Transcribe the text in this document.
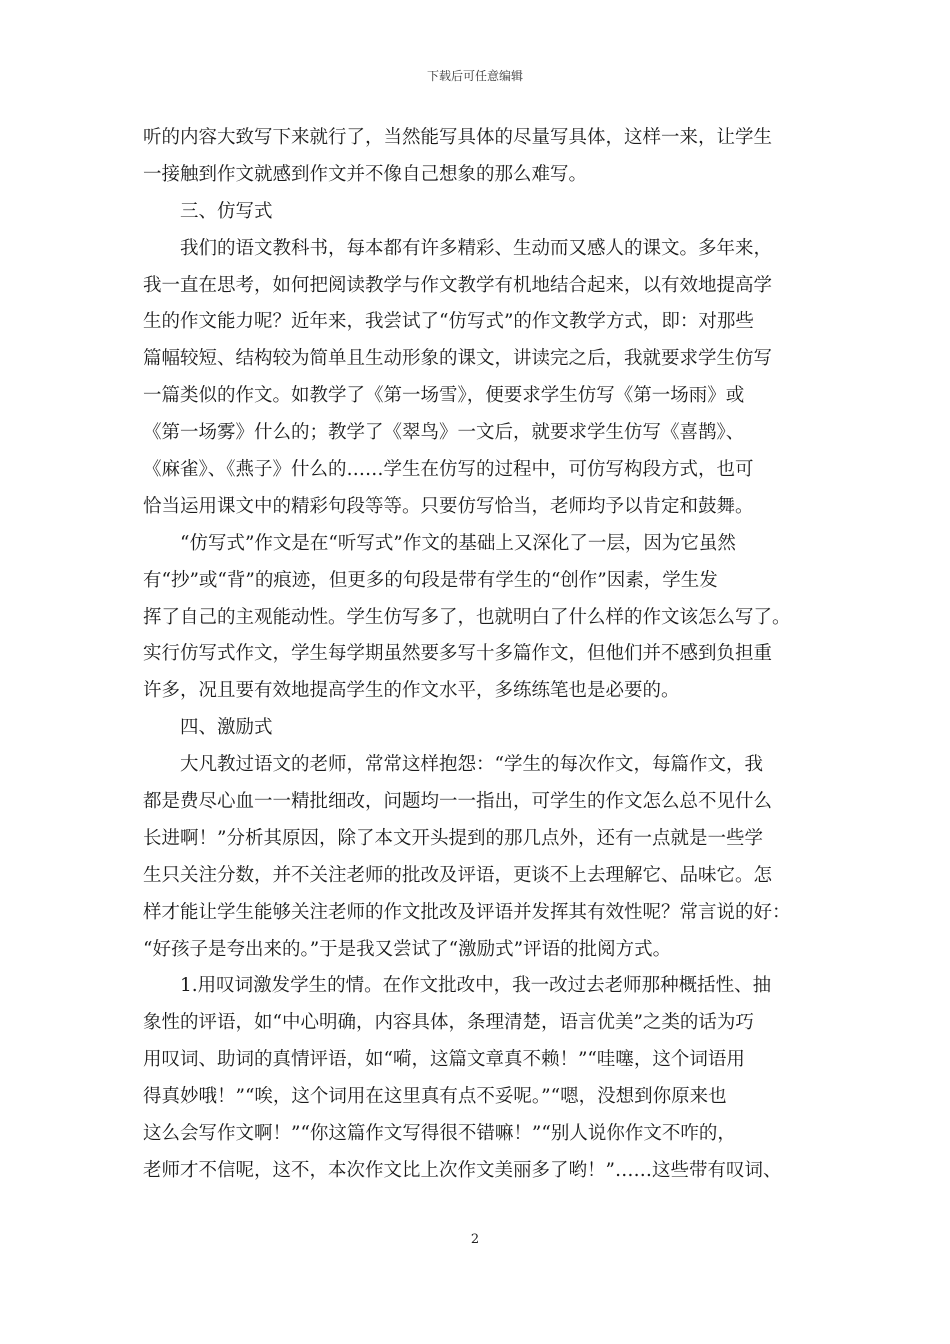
下载后可任意编辑
听的内容大致写下来就行了，当然能写具体的尽量写具体，这样一来，让学生
一接触到作文就感到作文并不像自己想象的那么难写。
三、仿写式
我们的语文教科书，每本都有许多精彩、生动而又感人的课文。多年来，
我一直在思考，如何把阅读教学与作文教学有机地结合起来，以有效地提高学
生的作文能力呢？近年来，我尝试了“仿写式”的作文教学方式，即：对那些
篇幅较短、结构较为简单且生动形象的课文，讲读完之后，我就要求学生仿写
一篇类似的作文。如教学了《第一场雪》，便要求学生仿写《第一场雨》或
《第一场雾》什么的；教学了《翠鸟》一文后，就要求学生仿写《喜鹊》、
《麻雀》、《燕子》什么的……学生在仿写的过程中，可仿写构段方式，也可
恰当运用课文中的精彩句段等等。只要仿写恰当，老师均予以肯定和鼓舞。
“仿写式”作文是在“听写式”作文的基础上又深化了一层，因为它虽然
有“抄”或“背”的痕迹，但更多的句段是带有学生的“创作”因素，学生发
挥了自己的主观能动性。学生仿写多了，也就明白了什么样的作文该怎么写了。
实行仿写式作文，学生每学期虽然要多写十多篇作文，但他们并不感到负担重
许多，况且要有效地提高学生的作文水平，多练练笔也是必要的。
四、激励式
大凡教过语文的老师，常常这样抱怨：“学生的每次作文，每篇作文，我
都是费尽心血一一精批细改，问题均一一指出，可学生的作文怎么总不见什么
长进啊！”分析其原因，除了本文开头提到的那几点外，还有一点就是一些学
生只关注分数，并不关注老师的批改及评语，更谈不上去理解它、品味它。怎
样才能让学生能够关注老师的作文批改及评语并发挥其有效性呢？常言说的好：
“好孩子是夸出来的。”于是我又尝试了“激励式”评语的批阅方式。
1.用叹词激发学生的情。在作文批改中，我一改过去老师那种概括性、抽
象性的评语，如“中心明确，内容具体，条理清楚，语言优美”之类的话为巧
用叹词、助词的真情评语，如“嗬，这篇文章真不赖！”“哇噻，这个词语用
得真妙哦！”“唉，这个词用在这里真有点不妥呢。”“嗯，没想到你原来也
这么会写作文啊！”“你这篇作文写得很不错嘛！”“别人说你作文不咋的，
老师才不信呢，这不，本次作文比上次作文美丽多了哟！”……这些带有叹词、
2
